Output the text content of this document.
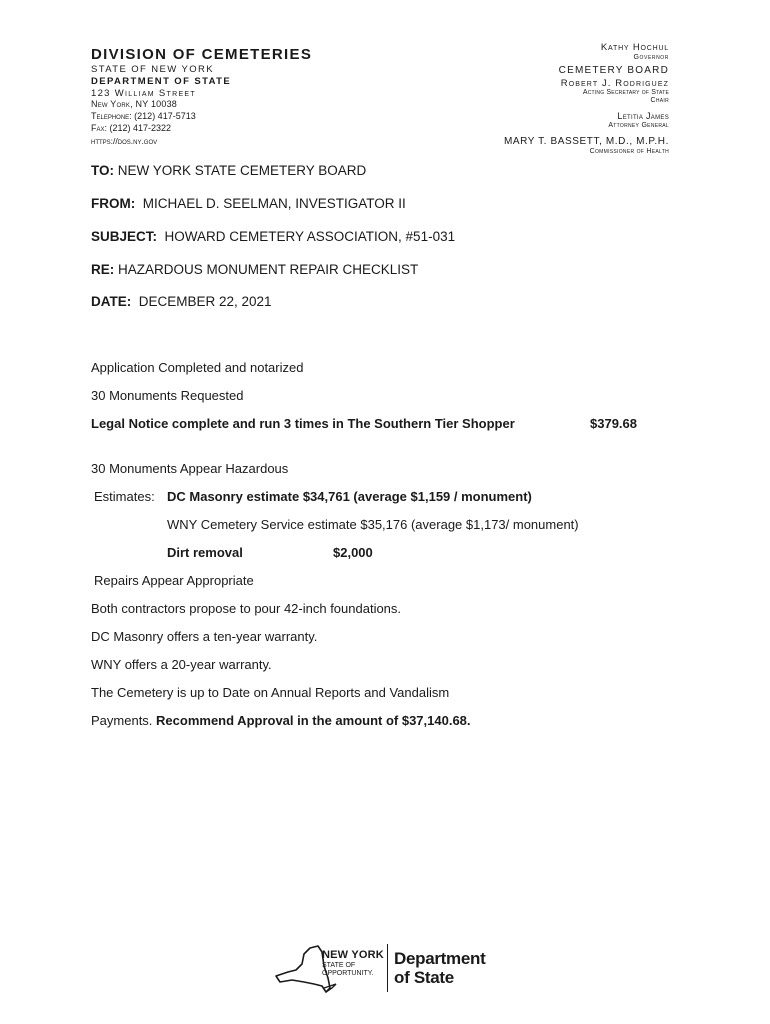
DIVISION OF CEMETERIES
STATE OF NEW YORK
DEPARTMENT OF STATE
123 William Street
New York, NY 10038
Telephone: (212) 417-5713
Fax: (212) 417-2322
https://dos.ny.gov
Kathy Hochul
Governor
CEMETERY BOARD
Robert J. Rodriguez
Acting Secretary of State
Chair
Letitia James
Attorney General
MARY T. BASSETT, M.D., M.P.H.
Commissioner of Health
TO: NEW YORK STATE CEMETERY BOARD
FROM:  MICHAEL D. SEELMAN, INVESTIGATOR II
SUBJECT:  HOWARD CEMETERY ASSOCIATION, #51-031
RE: HAZARDOUS MONUMENT REPAIR CHECKLIST
DATE:  DECEMBER 22, 2021
Application Completed and notarized
30 Monuments Requested
Legal Notice complete and run 3 times in The Southern Tier Shopper	$379.68
30 Monuments Appear Hazardous
Estimates: DC Masonry estimate $34,761 (average $1,159 / monument)
WNY Cemetery Service estimate $35,176 (average $1,173/ monument)
Dirt removal	$2,000
Repairs Appear Appropriate
Both contractors propose to pour 42-inch foundations.
DC Masonry offers a ten-year warranty.
WNY offers a 20-year warranty.
The Cemetery is up to Date on Annual Reports and Vandalism
Payments. Recommend Approval in the amount of $37,140.68.
NEW YORK
STATE OF
OPPORTUNITY.
Department
of State
